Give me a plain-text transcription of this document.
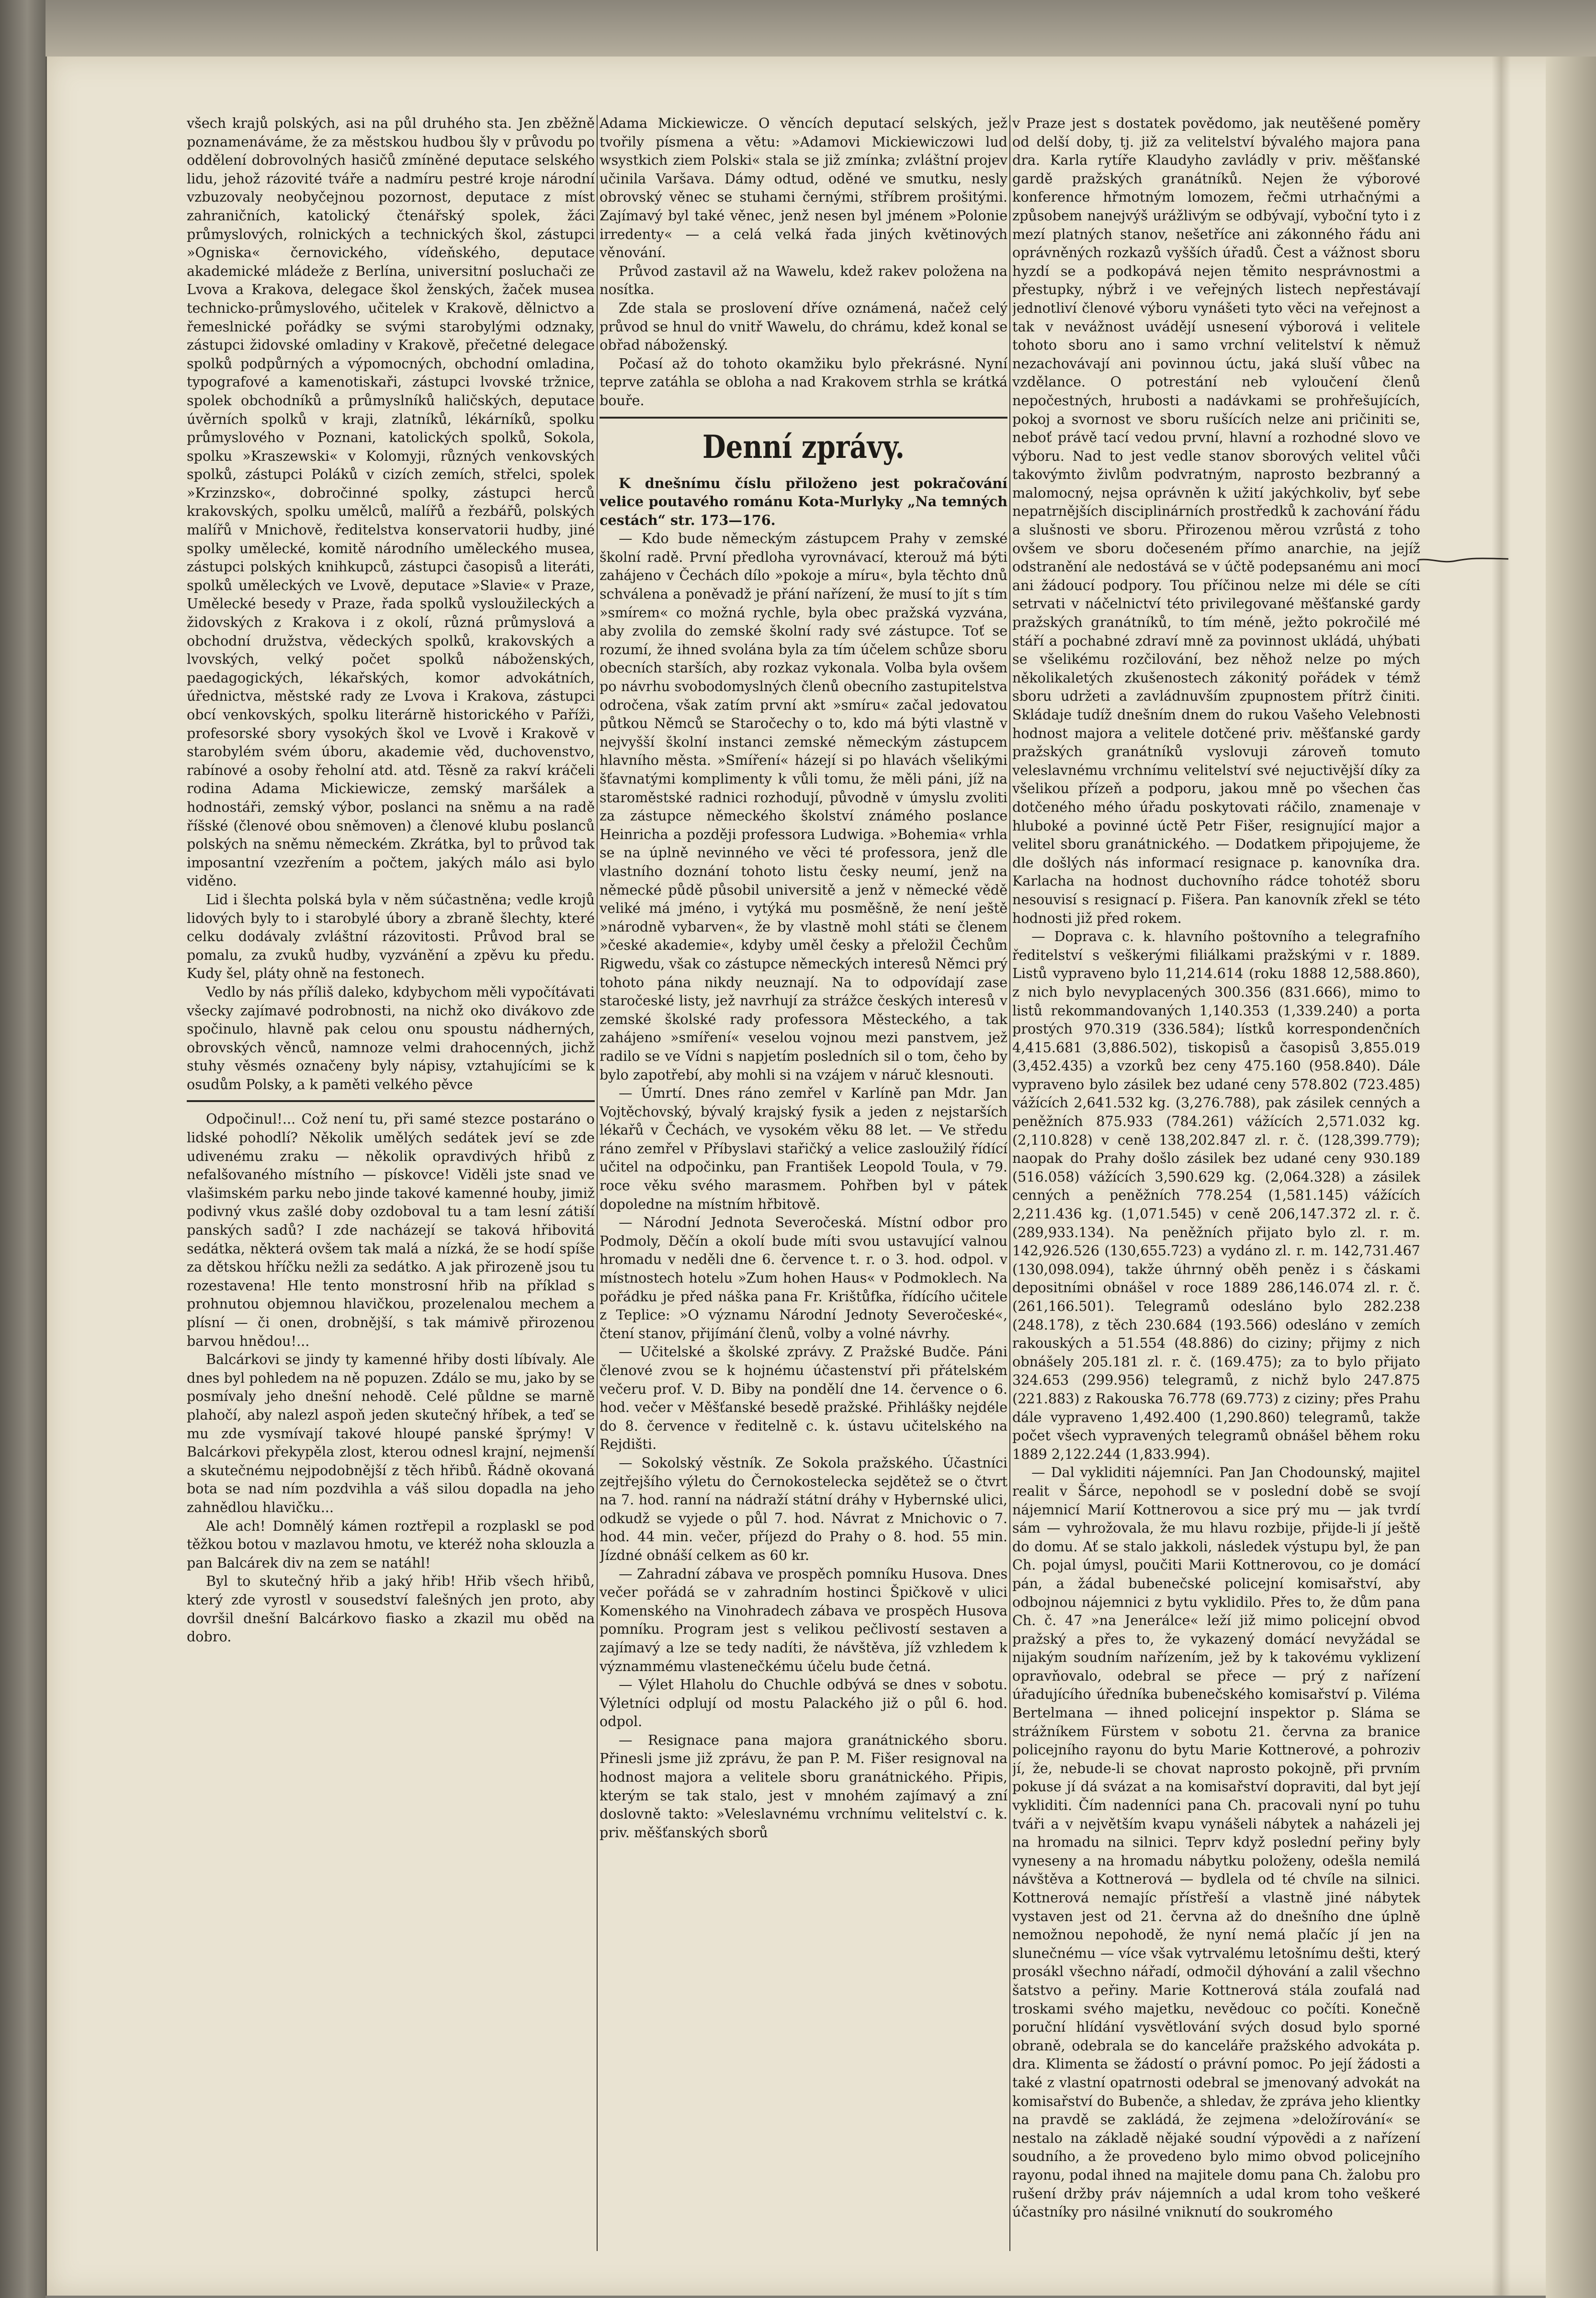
všech krajů polských, asi na půl druhého sta. Jen zběžně poznamenáváme, že za městskou hudbou šly v průvodu po oddělení dobrovolných hasičů zmíněné deputace selského lidu, jehož rázovité tváře a nadmíru pestré kroje národní vzbuzovaly neobyčejnou pozornost, deputace z míst zahraničních, katolický čtenářský spolek, žáci průmyslových, rolnických a technických škol, zástupci »Ogniska« černovického, vídeňského, deputace akademické mládeže z Berlína, universitní posluchači ze Lvova a Krakova, delegace škol ženských, žaček musea technicko-průmyslového, učitelek v Krakově, dělnictvo a řemeslnické pořádky se svými starobylými odznaky, zástupci židovské omladiny v Krakově, přečetné delegace spolků podpůrných a výpomocných, obchodní omladina, typografové a kamenotiskaři, zástupci lvovské tržnice, spolek obchodníků a průmyslníků haličských, deputace úvěrních spolků v kraji, zlatníků, lékárníků, spolku průmyslového v Poznani, katolických spolků, Sokola, spolku »Kraszewski« v Kolomyji, různých venkovských spolků, zástupci Poláků v cizích zemích, střelci, spolek »Krzinzsko«, dobročinné spolky, zástupci herců krakovských, spolku umělců, malířů a řezbářů, polských malířů v Mnichově, ředitelstva konservatorii hudby, jiné spolky umělecké, komitě národního uměleckého musea, zástupci polských knihkupců, zástupci časopisů a literáti, spolků uměleckých ve Lvově, deputace »Slavie« v Praze, Umělecké besedy v Praze, řada spolků vysloužileckých a židovských z Krakova i z okolí, různá průmyslová a obchodní družstva, vědeckých spolků, krakovských a lvovských, velký počet spolků náboženských, paedagogických, lékařských, komor advokátních, úřednictva, městské rady ze Lvova i Krakova, zástupci obcí venkovských, spolku literárně historického v Paříži, profesorské sbory vysokých škol ve Lvově i Krakově v starobylém svém úboru, akademie věd, duchovenstvo, rabínové a osoby řeholní atd. atd. Těsně za rakví kráčeli rodina Adama Mickiewicze, zemský maršálek a hodnostáři, zemský výbor, poslanci na sněmu a na radě říšské (členové obou sněmoven) a členové klubu poslanců polských na sněmu německém. Zkrátka, byl to průvod tak imposantní vzezřením a počtem, jakých málo asi bylo viděno.

Lid i šlechta polská byla v něm súčastněna; vedle krojů lidových byly to i starobylé úbory a zbraně šlechty, které celku dodávaly zvláštní rázovitosti. Průvod bral se pomalu, za zvuků hudby, vyzvánění a zpěvu ku předu. Kudy šel, pláty ohně na festonech.

Vedlo by nás příliš daleko, kdybychom měli vypočítávati všecky zajímavé podrobnosti, na nichž oko divákovo zde spočinulo, hlavně pak celou onu spoustu nádherných, obrovských věnců, namnoze velmi drahocenných, jichž stuhy věsmés označeny byly nápisy, vztahujícími se k osudům Polsky, a k paměti velkého pěvce

Odpočinul!... Což není tu, při samé stezce postaráno o lidské pohodlí? Několik umělých sedátek jeví se zde udivenému zraku — několik opravdivých hřibů z nefalšovaného místního — pískovce! Viděli jste snad ve vlašimském parku nebo jinde takové kamenné houby, jimiž podivný vkus zašlé doby ozdoboval tu a tam lesní zátiší panských sadů? I zde nacházejí se taková hřibovitá sedátka, některá ovšem tak malá a nízká, že se hodí spíše za dětskou hříčku nežli za sedátko. A jak přirozeně jsou tu rozestavena! Hle tento monstrosní hřib na příklad s prohnutou objemnou hlavičkou, prozelenalou mechem a plísní — či onen, drobnější, s tak mámivě přirozenou barvou hnědou!...

Balcárkovi se jindy ty kamenné hřiby dosti líbívaly. Ale dnes byl pohledem na ně popuzen. Zdálo se mu, jako by se posmívaly jeho dnešní nehodě. Celé půldne se marně plahočí, aby nalezl aspoň jeden skutečný hříbek, a teď se mu zde vysmívají takové hloupé panské šprýmy! V Balcárkovi překypěla zlost, kterou odnesl krajní, nejmenší a skutečnému nejpodobnější z těch hřibů. Řádně okovaná bota se nad ním pozdvihla a váš silou dopadla na jeho zahnědlou hlavičku...

Ale ach! Domnělý kámen roztřepil a rozplaskl se pod těžkou botou v mazlavou hmotu, ve kteréž noha sklouzla a pan Balcárek div na zem se natáhl!

Byl to skutečný hřib a jaký hřib! Hřib všech hřibů, který zde vyrostl v sousedství falešných jen proto, aby dovršil dnešní Balcárkovo fiasko a zkazil mu oběd na dobro.

Adama Mickiewicze. O věncích deputací selských, jež tvořily písmena a větu: »Adamovi Mickiewiczowi lud wsystkich ziem Polski« stala se již zmínka; zvláštní projev učinila Varšava. Dámy odtud, oděné ve smutku, nesly obrovský věnec se stuhami černými, stříbrem prošitými. Zajímavý byl také věnec, jenž nesen byl jménem »Polonie irredenty« — a celá velká řada jiných květinových věnování.

Průvod zastavil až na Wawelu, kdež rakev položena na nosítka.

Zde stala se proslovení dříve oznámená, načež celý průvod se hnul do vnitř Wawelu, do chrámu, kdež konal se obřad náboženský.

Počasí až do tohoto okamžiku bylo překrásné. Nyní teprve zatáhla se obloha a nad Krakovem strhla se krátká bouře.

Denní zprávy.

K dnešnímu číslu přiloženo jest pokračování velice poutavého románu Kota-Murlyky „Na temných cestách“ str. 173—176.

— Kdo bude německým zástupcem Prahy v zemské školní radě. První předloha vyrovnávací, kterouž má býti zahájeno v Čechách dílo »pokoje a míru«, byla těchto dnů schválena a poněvadž je přání nařízení, že musí to jít s tím »smírem« co možná rychle, byla obec pražská vyzvána, aby zvolila do zemské školní rady své zástupce. Toť se rozumí, že ihned svolána byla za tím účelem schůze sboru obecních starších, aby rozkaz vykonala. Volba byla ovšem po návrhu svobodomyslných členů obecního zastupitelstva odročena, však zatím první akt »smíru« začal jedovatou půtkou Němců se Staročechy o to, kdo má býti vlastně v nejvyšší školní instanci zemské německým zástupcem hlavního města. »Smíření« házejí si po hlavách všelikými šťavnatými komplimenty k vůli tomu, že měli páni, jíž na staroměstské radnici rozhodují, původně v úmyslu zvoliti za zástupce německého školství známého poslance Heinricha a později professora Ludwiga. »Bohemia« vrhla se na úplně nevinného ve věci té professora, jenž dle vlastního doznání tohoto listu česky neumí, jenž na německé půdě působil universitě a jenž v německé vědě veliké má jméno, i vytýká mu posměšně, že není ještě »národně vybarven«, že by vlastně mohl státi se členem »české akademie«, kdyby uměl česky a přeložil Čechům Rigwedu, však co zástupce německých interesů Němci prý tohoto pána nikdy neuznají. Na to odpovídají zase staročeské listy, jež navrhují za strážce českých interesů v zemské školské rady professora Městeckého, a tak zahájeno »smíření« veselou vojnou mezi panstvem, jež radilo se ve Vídni s napjetím posledních sil o tom, čeho by bylo zapotřebí, aby mohli si na vzájem v náruč klesnouti.

— Úmrtí. Dnes ráno zemřel v Karlíně pan Mdr. Jan Vojtěchovský, bývalý krajský fysik a jeden z nejstarších lékařů v Čechách, ve vysokém věku 88 let. — Ve středu ráno zemřel v Příbyslavi stařičký a velice zasloužilý řídící učitel na odpočinku, pan František Leopold Toula, v 79. roce věku svého marasmem. Pohřben byl v pátek dopoledne na místním hřbitově.

— Národní Jednota Severočeská. Místní odbor pro Podmoly, Děčín a okolí bude míti svou ustavující valnou hromadu v neděli dne 6. července t. r. o 3. hod. odpol. v místnostech hotelu »Zum hohen Haus« v Podmoklech. Na pořádku je před náška pana Fr. Krištůfka, řídícího učitele z Teplice: »O významu Národní Jednoty Severočeské«, čtení stanov, přijímání členů, volby a volné návrhy.

— Učitelské a školské zprávy. Z Pražské Budče. Páni členové zvou se k hojnému účastenství při přátelském večeru prof. V. D. Biby na pondělí dne 14. července o 6. hod. večer v Měšťanské besedě pražské. Přihlášky nejdéle do 8. července v ředitelně c. k. ústavu učitelského na Rejdišti.

— Sokolský věstník. Ze Sokola pražského. Účastníci zejtřejšího výletu do Černokostelecka sejdětež se o čtvrt na 7. hod. ranní na nádraží státní dráhy v Hybernské ulici, odkudž se vyjede o půl 7. hod. Návrat z Mnichovic o 7. hod. 44 min. večer, příjezd do Prahy o 8. hod. 55 min. Jízdné obnáší celkem as 60 kr.

— Zahradní zábava ve prospěch pomníku Husova. Dnes večer pořádá se v zahradním hostinci Špičkově v ulici Komenského na Vinohradech zábava ve prospěch Husova pomníku. Program jest s velikou pečlivostí sestaven a zajímavý a lze se tedy nadíti, že návštěva, jíž vzhledem k význammému vlastenečkému účelu bude četná.

— Výlet Hlaholu do Chuchle odbývá se dnes v sobotu. Výletníci odplují od mostu Palackého již o půl 6. hod. odpol.

— Resignace pana majora granátnického sboru. Přinesli jsme již zprávu, že pan P. M. Fišer resignoval na hodnost majora a velitele sboru granátnického. Připis, kterým se tak stalo, jest v mnohém zajímavý a zní doslovně takto: »Veleslavnému vrchnímu velitelství c. k. priv. měšťanských sborů

v Praze jest s dostatek povědomo, jak neutěšené poměry od delší doby, tj. již za velitelství bývalého majora pana dra. Karla rytíře Klaudyho zavládly v priv. měšťanské gardě pražských granátníků. Nejen že výborové konference hřmotným lomozem, řečmi utrhačnými a způsobem nanejvýš urážlivým se odbývají, vyboční tyto i z mezí platných stanov, nešetříce ani zákonného řádu ani oprávněných rozkazů vyšších úřadů. Čest a vážnost sboru hyzdí se a podkopává nejen těmito nesprávnostmi a přestupky, nýbrž i ve veřejných listech nepřestávají jednotliví členové výboru vynášeti tyto věci na veřejnost a tak v nevážnost uvádějí usnesení výborová i velitele tohoto sboru ano i samo vrchní velitelství k němuž nezachovávají ani povinnou úctu, jaká sluší vůbec na vzdělance. O potrestání neb vyloučení členů nepočestných, hrubosti a nadávkami se prohřešujících, pokoj a svornost ve sboru rušících nelze ani pričiniti se, neboť právě tací vedou první, hlavní a rozhodné slovo ve výboru. Nad to jest vedle stanov sborových velitel vůči takovýmto živlům podvratným, naprosto bezbranný a malomocný, nejsa oprávněn k užití jakýchkoliv, byť sebe nepatrnějších disciplinárních prostředků k zachování řádu a slušnosti ve sboru. Přirozenou měrou vzrůstá z toho ovšem ve sboru dočeseném přímo anarchie, na jejíž odstranění ale nedostává se v účtě podepsanému ani moci ani žádoucí podpory. Tou příčinou nelze mi déle se cíti setrvati v náčelnictví této privilegované měšťanské gardy pražských granátníků, to tím méně, ježto pokročilé mé stáří a pochabné zdraví mně za povinnost ukládá, uhýbati se všelikému rozčilování, bez něhož nelze po mých několikaletých zkušenostech zákonitý pořádek v témž sboru udržeti a zavládnuvším zpupnostem přítrž činiti. Skládaje tudíž dnešním dnem do rukou Vašeho Velebnosti hodnost majora a velitele dotčené priv. měšťanské gardy pražských granátníků vyslovuji zároveň tomuto veleslavnému vrchnímu velitelství své nejuctivější díky za všelikou přízeň a podporu, jakou mně po všechen čas dotčeného mého úřadu poskytovati ráčilo, znamenaje v hluboké a povinné úctě Petr Fišer, resignující major a velitel sboru granátnického. — Dodatkem připojujeme, že dle došlých nás informací resignace p. kanovníka dra. Karlacha na hodnost duchovního rádce tohotéž sboru nesouvisí s resignací p. Fišera. Pan kanovník zřekl se této hodnosti již před rokem.

— Doprava c. k. hlavního poštovního a telegrafního ředitelství s veškerými filiálkami pražskými v r. 1889. Listů vypraveno bylo 11,214.614 (roku 1888 12,588.860), z nich bylo nevyplacených 300.356 (831.666), mimo to listů rekommandovaných 1,140.353 (1,339.240) a porta prostých 970.319 (336.584); lístků korrespondenčních 4,415.681 (3,886.502), tiskopisů a časopisů 3,855.019 (3,452.435) a vzorků bez ceny 475.160 (958.840). Dále vypraveno bylo zásilek bez udané ceny 578.802 (723.485) vážících 2,641.532 kg. (3,276.788), pak zásilek cenných a peněžních 875.933 (784.261) vážících 2,571.032 kg. (2,110.828) v ceně 138,202.847 zl. r. č. (128,399.779); naopak do Prahy došlo zásilek bez udané ceny 930.189 (516.058) vážících 3,590.629 kg. (2,064.328) a zásilek cenných a peněžních 778.254 (1,581.145) vážících 2,211.436 kg. (1,071.545) v ceně 206,147.372 zl. r. č. (289,933.134). Na peněžních přijato bylo zl. r. m. 142,926.526 (130,655.723) a vydáno zl. r. m. 142,731.467 (130,098.094), takže úhrnný oběh peněz i s čáskami depositními obnášel v roce 1889 286,146.074 zl. r. č. (261,166.501). Telegramů odesláno bylo 282.238 (248.178), z těch 230.684 (193.566) odesláno v zemích rakouských a 51.554 (48.886) do ciziny; přijmy z nich obnášely 205.181 zl. r. č. (169.475); za to bylo přijato 324.653 (299.956) telegramů, z nichž bylo 247.875 (221.883) z Rakouska 76.778 (69.773) z ciziny; přes Prahu dále vypraveno 1,492.400 (1,290.860) telegramů, takže počet všech vypravených telegramů obnášel během roku 1889 2,122.244 (1,833.994).

— Dal vykliditi nájemníci. Pan Jan Chodounský, majitel realit v Šárce, nepohodl se v poslední době se svojí nájemnicí Marií Kottnerovou a sice prý mu — jak tvrdí sám — vyhrožovala, že mu hlavu rozbije, přijde-li jí ještě do domu. Ať se stalo jakkoli, následek výstupu byl, že pan Ch. pojal úmysl, poučiti Marii Kottnerovou, co je domácí pán, a žádal bubenečské policejní komisařství, aby odbojnou nájemnici z bytu vyklidilo. Přes to, že dům pana Ch. č. 47 »na Jenerálce« leží již mimo policejní obvod pražský a přes to, že vykazený domácí nevyžádal se nijakým soudním nařízením, jež by k takovému vyklizení opravňovalo, odebral se přece — prý z nařízení úřadujícího úředníka bubenečského komisařství p. Viléma Bertelmana — ihned policejní inspektor p. Sláma se strážníkem Fürstem v sobotu 21. června za branice policejního rayonu do bytu Marie Kottnerové, a pohroziv jí, že, nebude-li se chovat naprosto pokojně, při prvním pokuse jí dá svázat a na komisařství dopraviti, dal byt její vykliditi. Čím nadenníci pana Ch. pracovali nyní po tuhu tváři a v největším kvapu vynášeli nábytek a naházeli jej na hromadu na silnici. Teprv když poslední peřiny byly vyneseny a na hromadu nábytku položeny, odešla nemilá návštěva a Kottnerová — bydlela od té chvíle na silnici. Kottnerová nemajíc přístřeší a vlastně jiné nábytek vystaven jest od 21. června až do dnešního dne úplně nemožnou nepohodě, že nyní nemá plačíc jí jen na slunečnému — více však vytrvalému letošnímu dešti, který prosákl všechno nářadí, odmočil dýhování a zalil všechno šatstvo a peřiny. Marie Kottnerová stála zoufalá nad troskami svého majetku, nevědouc co počíti. Konečně poruční hlídání vysvětlování svých dosud bylo sporné obraně, odebrala se do kanceláře pražského advokáta p. dra. Klimenta se žádostí o právní pomoc. Po její žádosti a také z vlastní opatrnosti odebral se jmenovaný advokát na komisařství do Bubenče, a shledav, že zpráva jeho klientky na pravdě se zakládá, že zejmena »deložírování« se nestalo na základě nějaké soudní výpovědi a z nařízení soudního, a že provedeno bylo mimo obvod policejního rayonu, podal ihned na majitele domu pana Ch. žalobu pro rušení držby práv nájemních a udal krom toho veškeré účastníky pro násilné vniknutí do soukromého
